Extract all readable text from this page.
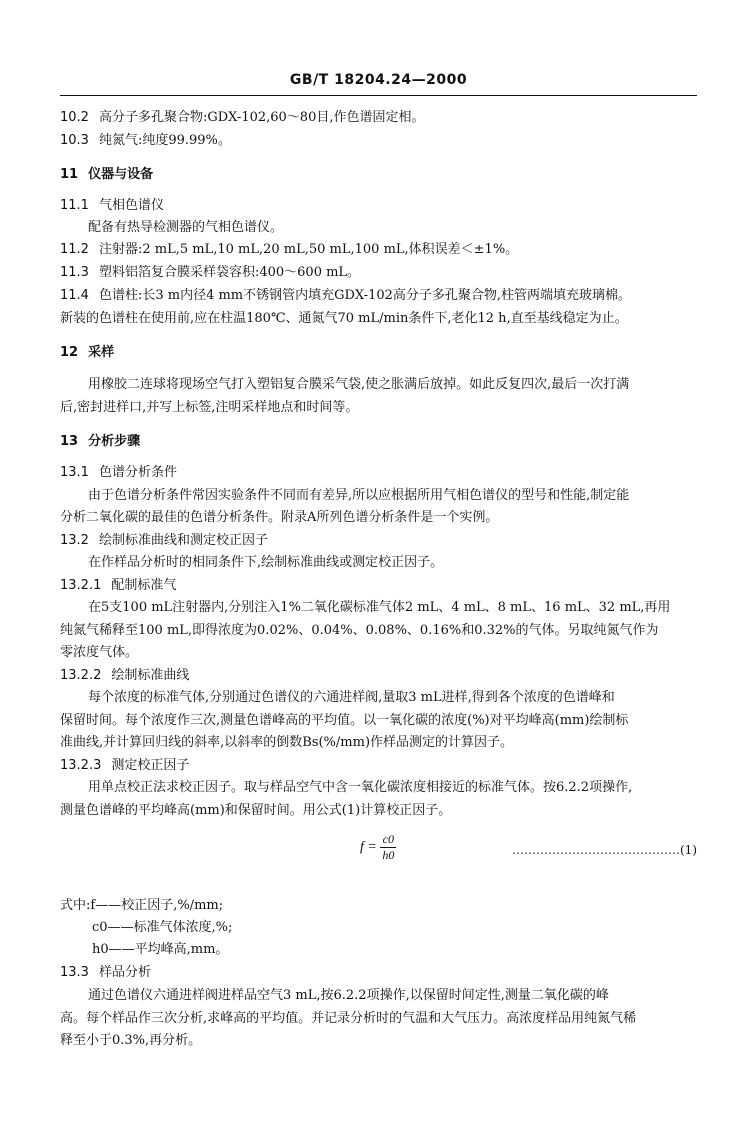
GB/T 18204.24—2000
10.2 高分子多孔聚合物:GDX-102,60～80目,作色谱固定相。
10.3 纯氮气:纯度99.99%。
11 仪器与设备
11.1 气相色谱仪
配备有热导检测器的气相色谱仪。
11.2 注射器:2 mL,5 mL,10 mL,20 mL,50 mL,100 mL,体积误差＜±1%。
11.3 塑料铝箔复合膜采样袋容积:400～600 mL。
11.4 色谱柱:长3 m内径4 mm不锈钢管内填充GDX-102高分子多孔聚合物,柱管两端填充玻璃棉。
新装的色谱柱在使用前,应在柱温180℃、通氮气70 mL/min条件下,老化12 h,直至基线稳定为止。
12 采样
用橡胶二连球将现场空气打入塑铝复合膜采气袋,使之胀满后放掉。如此反复四次,最后一次打满
后,密封进样口,并写上标签,注明采样地点和时间等。
13 分析步骤
13.1 色谱分析条件
由于色谱分析条件常因实验条件不同而有差异,所以应根据所用气相色谱仪的型号和性能,制定能
分析二氧化碳的最佳的色谱分析条件。附录A所列色谱分析条件是一个实例。
13.2 绘制标准曲线和测定校正因子
在作样品分析时的相同条件下,绘制标准曲线或测定校正因子。
13.2.1 配制标准气
在5支100 mL注射器内,分别注入1%二氧化碳标准气体2 mL、4 mL、8 mL、16 mL、32 mL,再用
纯氮气稀释至100 mL,即得浓度为0.02%、0.04%、0.08%、0.16%和0.32%的气体。另取纯氮气作为
零浓度气体。
13.2.2 绘制标准曲线
每个浓度的标准气体,分别通过色谱仪的六通进样阀,量取3 mL进样,得到各个浓度的色谱峰和
保留时间。每个浓度作三次,测量色谱峰高的平均值。以一氧化碳的浓度(%)对平均峰高(mm)绘制标
准曲线,并计算回归线的斜率,以斜率的倒数Bs(%/mm)作样品测定的计算因子。
13.2.3 测定校正因子
用单点校正法求校正因子。取与样品空气中含一氧化碳浓度相接近的标准气体。按6.2.2项操作,
测量色谱峰的平均峰高(mm)和保留时间。用公式(1)计算校正因子。
$f = \frac{c0}{h0}$	……………………………………(1)
式中:f——校正因子,%/mm;
c0——标准气体浓度,%;
h0——平均峰高,mm。
13.3 样品分析
通过色谱仪六通进样阀进样品空气3 mL,按6.2.2项操作,以保留时间定性,测量二氧化碳的峰
高。每个样品作三次分析,求峰高的平均值。并记录分析时的气温和大气压力。高浓度样品用纯氮气稀
释至小于0.3%,再分析。
